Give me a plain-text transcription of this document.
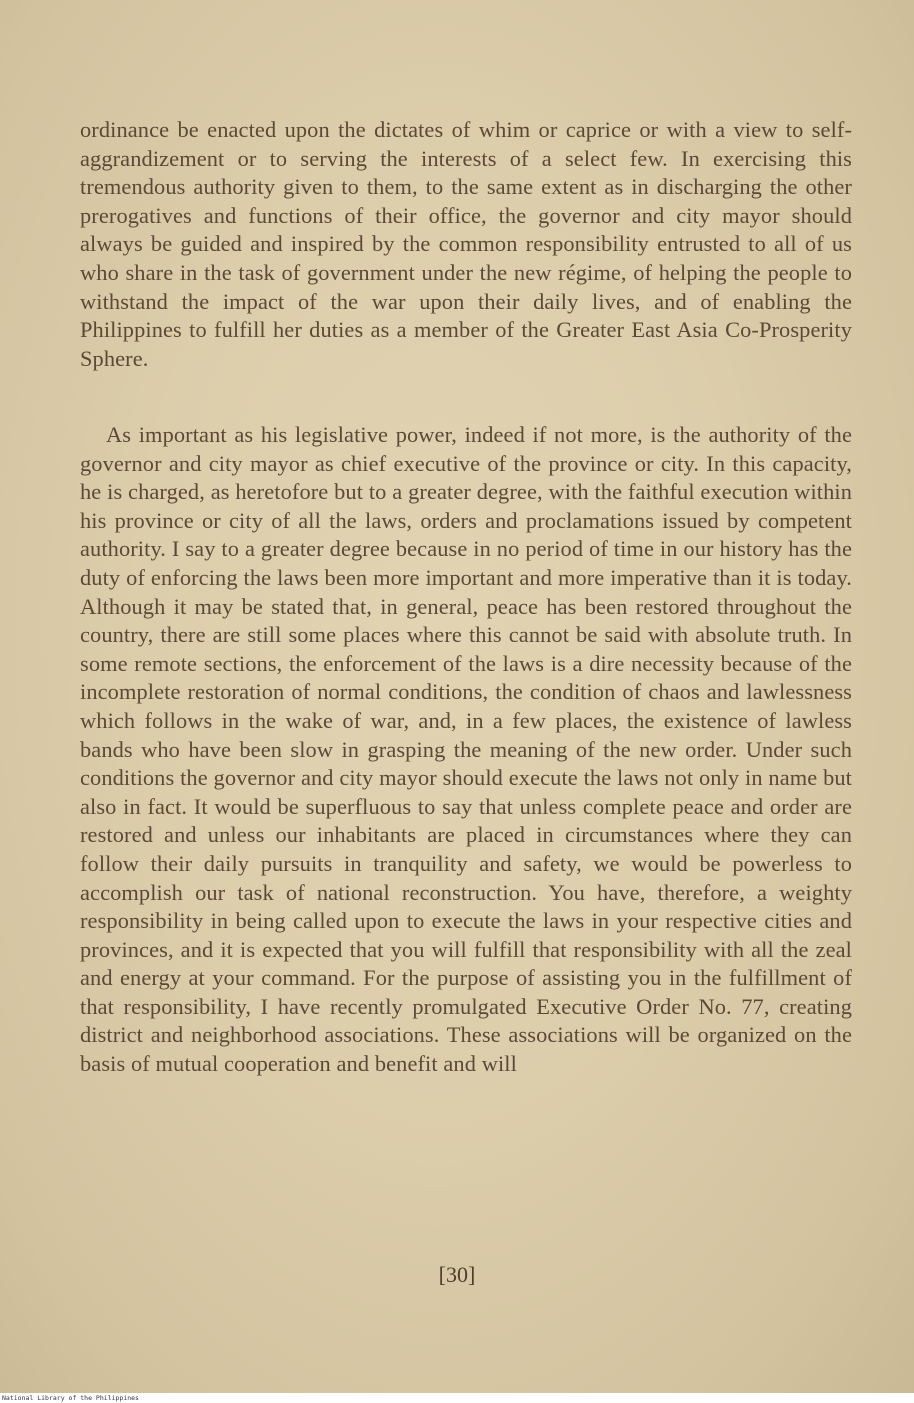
ordinance be enacted upon the dictates of whim or caprice or with a view to self-aggrandizement or to serving the interests of a select few. In exercising this tremendous authority given to them, to the same extent as in discharging the other prerogatives and functions of their office, the governor and city mayor should always be guided and inspired by the common responsibility entrusted to all of us who share in the task of government under the new régime, of helping the people to withstand the impact of the war upon their daily lives, and of enabling the Philippines to fulfill her duties as a member of the Greater East Asia Co-Prosperity Sphere.

As important as his legislative power, indeed if not more, is the authority of the governor and city mayor as chief executive of the province or city. In this capacity, he is charged, as heretofore but to a greater degree, with the faithful execution within his province or city of all the laws, orders and proclamations issued by competent authority. I say to a greater degree because in no period of time in our history has the duty of enforcing the laws been more important and more imperative than it is today. Although it may be stated that, in general, peace has been restored throughout the country, there are still some places where this cannot be said with absolute truth. In some remote sections, the enforcement of the laws is a dire necessity because of the incomplete restoration of normal conditions, the condition of chaos and lawlessness which follows in the wake of war, and, in a few places, the existence of lawless bands who have been slow in grasping the meaning of the new order. Under such conditions the governor and city mayor should execute the laws not only in name but also in fact. It would be superfluous to say that unless complete peace and order are restored and unless our inhabitants are placed in circumstances where they can follow their daily pursuits in tranquility and safety, we would be powerless to accomplish our task of national reconstruction. You have, therefore, a weighty responsibility in being called upon to execute the laws in your respective cities and provinces, and it is expected that you will fulfill that responsibility with all the zeal and energy at your command. For the purpose of assisting you in the fulfillment of that responsibility, I have recently promulgated Executive Order No. 77, creating district and neighborhood associations. These associations will be organized on the basis of mutual cooperation and benefit and will

[30]
National Library of the Philippines
